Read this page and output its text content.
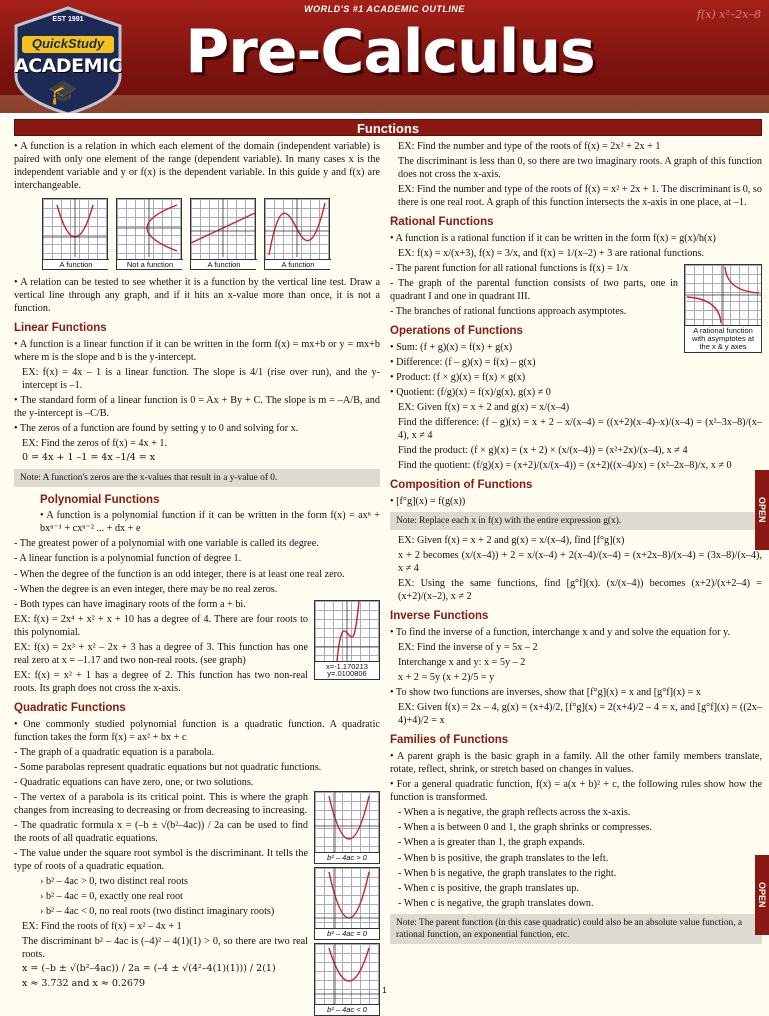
WORLD'S #1 ACADEMIC OUTLINE
Pre-Calculus
f(x) x²–2x–8
EST 1991
QuickStudy
ACADEMIC
🎓
Functions

• A function is a relation in which each element of the domain (independent variable) is paired with only one element of the range (dependent variable). In many cases x is the independent variable and y or f(x) is the dependent variable. In this guide y and f(x) are interchangeable.

A function	Not a function	A function	A function

• A relation can be tested to see whether it is a function by the vertical line test. Draw a vertical line through any graph, and if it hits an x-value more than once, it is not a function.

Linear Functions

• A function is a linear function if it can be written in the form f(x) = mx+b or y = mx+b where m is the slope and b is the y-intercept.

EX: f(x) = 4x – 1 is a linear function. The slope is 4/1 (rise over run), and the y-intercept is –1.

• The standard form of a linear function is 0 = Ax + By + C. The slope is m = –A/B, and the y-intercept is –C/B.

• The zeros of a function are found by setting y to 0 and solving for x.

EX: Find the zeros of f(x) = 4x + 1.

0 = 4x + 1 –1 = 4x –1/4 = x

Note: A function's zeros are the x-values that result in a y-value of 0.
Polynomial Functions

• A function is a polynomial function if it can be written in the form f(x) = axⁿ + bxⁿ⁻¹ + cxⁿ⁻² ... + dx + e

- The greatest power of a polynomial with one variable is called its degree.

- A linear function is a polynomial function of degree 1.

- When the degree of the function is an odd integer, there is at least one real zero.

- When the degree is an even integer, there may be no real zeros.

x=-1.170213 y=.0100806

- Both types can have imaginary roots of the form a + bi.

EX: f(x) = 2x⁴ + x² + x + 10 has a degree of 4. There are four roots to this polynomial.

EX: f(x) = 2x³ + x² – 2x + 3 has a degree of 3. This function has one real zero at x = –1.17 and two non-real roots. (see graph)

EX: f(x) = x² + 1 has a degree of 2. This function has two non-real roots. Its graph does not cross the x-axis.

Quadratic Functions

• One commonly studied polynomial function is a quadratic function. A quadratic function takes the form f(x) = ax² + bx + c

- The graph of a quadratic equation is a parabola.

- Some parabolas represent quadratic equations but not quadratic functions.

- Quadratic equations can have zero, one, or two solutions.

b² – 4ac > 0
b² – 4ac = 0
b² – 4ac < 0

- The vertex of a parabola is its critical point. This is where the graph changes from increasing to decreasing or from decreasing to increasing.

- The quadratic formula x = (–b ± √(b²–4ac)) / 2a can be used to find the roots of all quadratic equations.

- The value under the square root symbol is the discriminant. It tells the type of roots of a quadratic equation.

› b² – 4ac > 0, two distinct real roots

› b² – 4ac = 0, exactly one real root

› b² – 4ac < 0, no real roots (two distinct imaginary roots)

EX: Find the roots of f(x) = x² – 4x + 1

The discriminant b² – 4ac is (–4)² – 4(1)(1) > 0, so there are two real roots.

x = (–b ± √(b²–4ac)) / 2a = (–4 ± √(4²–4(1)(1))) / 2(1)

x ≈ 3.732 and x ≈ 0.2679

EX: Find the number and type of the roots of f(x) = 2x² + 2x + 1

The discriminant is less than 0, so there are two imaginary roots. A graph of this function does not cross the x-axis.

EX: Find the number and type of the roots of f(x) = x² + 2x + 1. The discriminant is 0, so there is one real root. A graph of this function intersects the x-axis in one place, at –1.

Rational Functions

• A function is a rational function if it can be written in the form f(x) = g(x)/h(x)

EX: f(x) = x/(x+3), f(x) = 3/x, and f(x) = 1/(x–2) + 3 are rational functions.

A rational function with asymptotes at the x & y axes

- The parent function for all rational functions is f(x) = 1/x

- The graph of the parental function consists of two parts, one in quadrant I and one in quadrant III.

- The branches of rational functions approach asymptotes.

Operations of Functions

• Sum: (f + g)(x) = f(x) + g(x)

• Difference: (f – g)(x) = f(x) – g(x)

• Product: (f × g)(x) = f(x) × g(x)

• Quotient: (f/g)(x) = f(x)/g(x), g(x) ≠ 0

EX: Given f(x) = x + 2 and g(x) = x/(x–4)

Find the difference: (f – g)(x) = x + 2 – x/(x–4) = ((x+2)(x–4)–x)/(x–4) = (x²–3x–8)/(x–4), x ≠ 4

Find the product: (f × g)(x) = (x + 2) × (x/(x–4)) = (x²+2x)/(x–4), x ≠ 4

Find the quotient: (f/g)(x) = (x+2)/(x/(x–4)) = (x+2)((x–4)/x) = (x²–2x–8)/x, x ≠ 0

Composition of Functions

• [f°g](x) = f(g(x))

Note: Replace each x in f(x) with the entire expression g(x).

EX: Given f(x) = x + 2 and g(x) = x/(x–4), find [f°g](x)

x + 2 becomes (x/(x–4)) + 2 = x/(x–4) + 2(x–4)/(x–4) = (x+2x–8)/(x–4) = (3x–8)/(x–4), x ≠ 4

EX: Using the same functions, find [g°f](x). (x/(x–4)) becomes (x+2)/(x+2–4) = (x+2)/(x–2), x ≠ 2

Inverse Functions

• To find the inverse of a function, interchange x and y and solve the equation for y.

EX: Find the inverse of y = 5x – 2

Interchange x and y: x = 5y – 2

x + 2 = 5y (x + 2)/5 = y

• To show two functions are inverses, show that [f°g](x) = x and [g°f](x) = x

EX: Given f(x) = 2x – 4, g(x) = (x+4)/2, [f°g](x) = 2(x+4)/2 – 4 = x, and [g°f](x) = ((2x–4)+4)/2 = x

Families of Functions

• A parent graph is the basic graph in a family. All the other family members translate, rotate, reflect, shrink, or stretch based on changes in values.

• For a general quadratic function, f(x) = a(x + b)² + c, the following rules show how the function is transformed.

- When a is negative, the graph reflects across the x-axis.

- When a is between 0 and 1, the graph shrinks or compresses.

- When a is greater than 1, the graph expands.

- When b is positive, the graph translates to the left.

- When b is negative, the graph translates to the right.

- When c is positive, the graph translates up.

- When c is negative, the graph translates down.

Note: The parent function (in this case quadratic) could also be an absolute value function, a rational function, an exponential function, etc.
OPEN
OPEN
1
